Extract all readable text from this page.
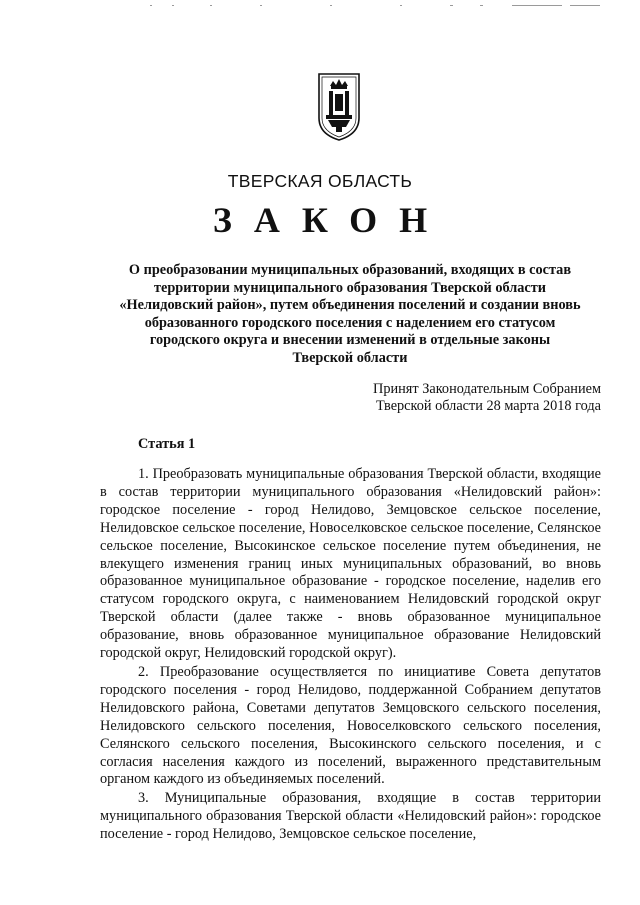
ТВЕРСКАЯ ОБЛАСТЬ
ЗАКОН
О преобразовании муниципальных образований, входящих в состав
территории муниципального образования Тверской области
«Нелидовский район», путем объединения поселений и создании вновь
образованного городского поселения с наделением его статусом
городского округа и внесении изменений в отдельные законы
Тверской области
Принят Законодательным Собранием
Тверской области 28 марта 2018 года
Статья 1

1. Преобразовать муниципальные образования Тверской области, входящие в состав территории муниципального образования «Нелидовский район»: городское поселение - город Нелидово, Земцовское сельское поселение, Нелидовское сельское поселение, Новоселковское сельское поселение, Селянское сельское поселение, Высокинское сельское поселение путем объединения, не влекущего изменения границ иных муниципальных образований, во вновь образованное муниципальное образование - городское поселение, наделив его статусом городского округа, с наименованием Нелидовский городской округ Тверской области (далее также - вновь образованное муниципальное образование, вновь образованное муниципальное образование Нелидовский городской округ, Нелидовский городской округ).

2. Преобразование осуществляется по инициативе Совета депутатов городского поселения - город Нелидово, поддержанной Собранием депутатов Нелидовского района, Советами депутатов Земцовского сельского поселения, Нелидовского сельского поселения, Новоселковского сельского поселения, Селянского сельского поселения, Высокинского сельского поселения, и с согласия населения каждого из поселений, выраженного представительным органом каждого из объединяемых поселений.

3. Муниципальные образования, входящие в состав территории муниципального образования Тверской области «Нелидовский район»: городское поселение - город Нелидово, Земцовское сельское поселение,
